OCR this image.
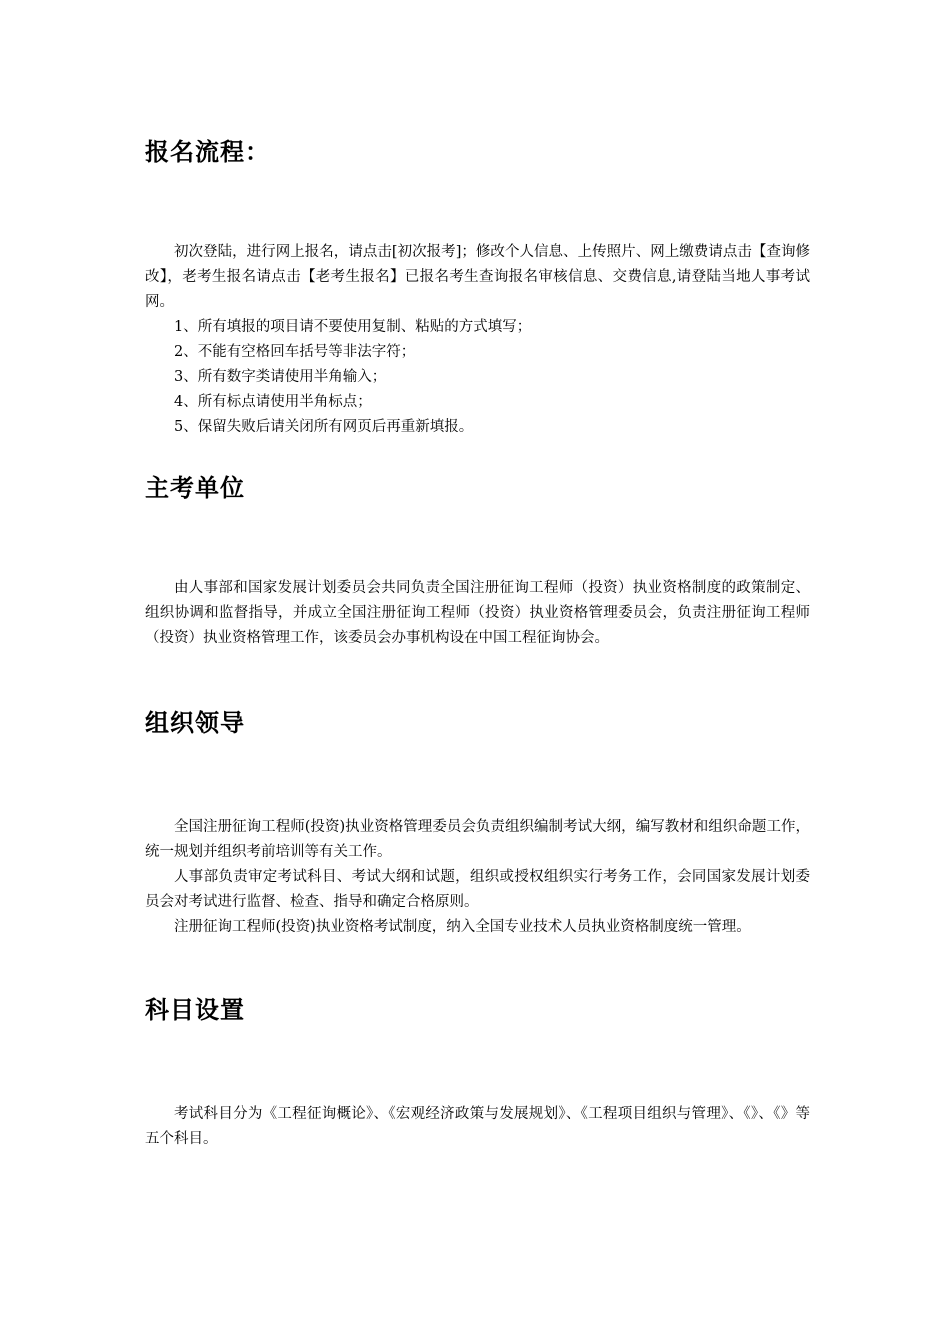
报名流程：

初次登陆，进行网上报名，请点击[初次报考]；修改个人信息、上传照片、网上缴费请点击【查询修改】，老考生报名请点击【老考生报名】已报名考生查询报名审核信息、交费信息,请登陆当地人事考试网。

1、所有填报的项目请不要使用复制、粘贴的方式填写；
2、不能有空格回车括号等非法字符；
3、所有数字类请使用半角输入；
4、所有标点请使用半角标点；
5、保留失败后请关闭所有网页后再重新填报。
主考单位

由人事部和国家发展计划委员会共同负责全国注册征询工程师（投资）执业资格制度的政策制定、组织协调和监督指导，并成立全国注册征询工程师（投资）执业资格管理委员会，负责注册征询工程师（投资）执业资格管理工作，该委员会办事机构设在中国工程征询协会。

组织领导

全国注册征询工程师(投资)执业资格管理委员会负责组织编制考试大纲，编写教材和组织命题工作，统一规划并组织考前培训等有关工作。

人事部负责审定考试科目、考试大纲和试题，组织或授权组织实行考务工作，会同国家发展计划委员会对考试进行监督、检查、指导和确定合格原则。

注册征询工程师(投资)执业资格考试制度，纳入全国专业技术人员执业资格制度统一管理。

科目设置

考试科目分为《工程征询概论》、《宏观经济政策与发展规划》、《工程项目组织与管理》、《》、《》等五个科目。
